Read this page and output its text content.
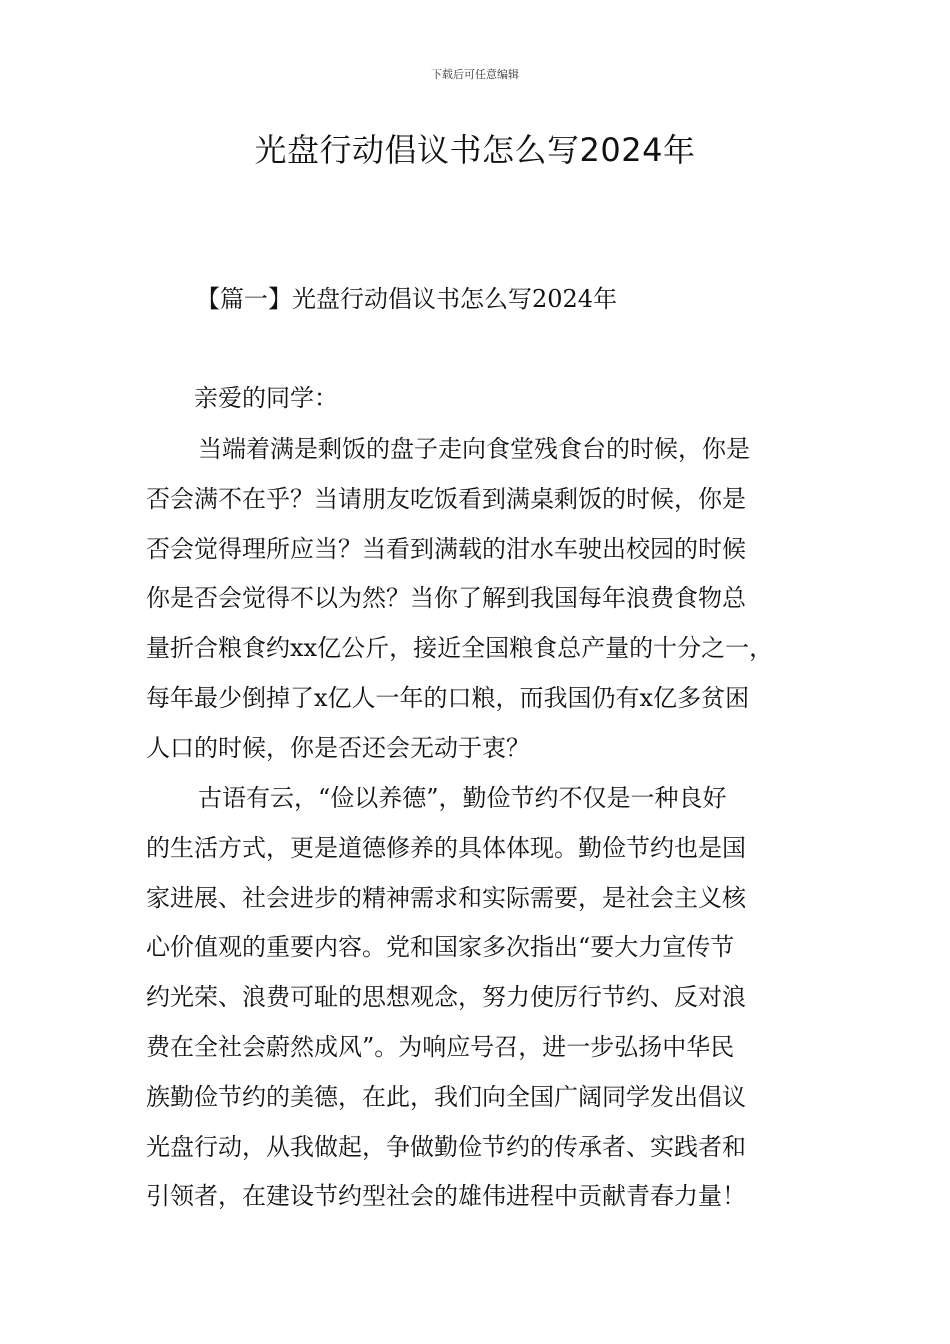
下载后可任意编辑
光盘行动倡议书怎么写2024年
【篇一】光盘行动倡议书怎么写2024年
亲爱的同学：
当端着满是剩饭的盘子走向食堂残食台的时候，你是
否会满不在乎？当请朋友吃饭看到满桌剩饭的时候，你是
否会觉得理所应当？当看到满载的泔水车驶出校园的时候
你是否会觉得不以为然？当你了解到我国每年浪费食物总
量折合粮食约xx亿公斤，接近全国粮食总产量的十分之一，
每年最少倒掉了x亿人一年的口粮，而我国仍有x亿多贫困
人口的时候，你是否还会无动于衷？
古语有云，“俭以养德”，勤俭节约不仅是一种良好
的生活方式，更是道德修养的具体体现。勤俭节约也是国
家进展、社会进步的精神需求和实际需要，是社会主义核
心价值观的重要内容。党和国家多次指出“要大力宣传节
约光荣、浪费可耻的思想观念，努力使厉行节约、反对浪
费在全社会蔚然成风”。为响应号召，进一步弘扬中华民
族勤俭节约的美德，在此，我们向全国广阔同学发出倡议
光盘行动，从我做起，争做勤俭节约的传承者、实践者和
引领者，在建设节约型社会的雄伟进程中贡献青春力量！
